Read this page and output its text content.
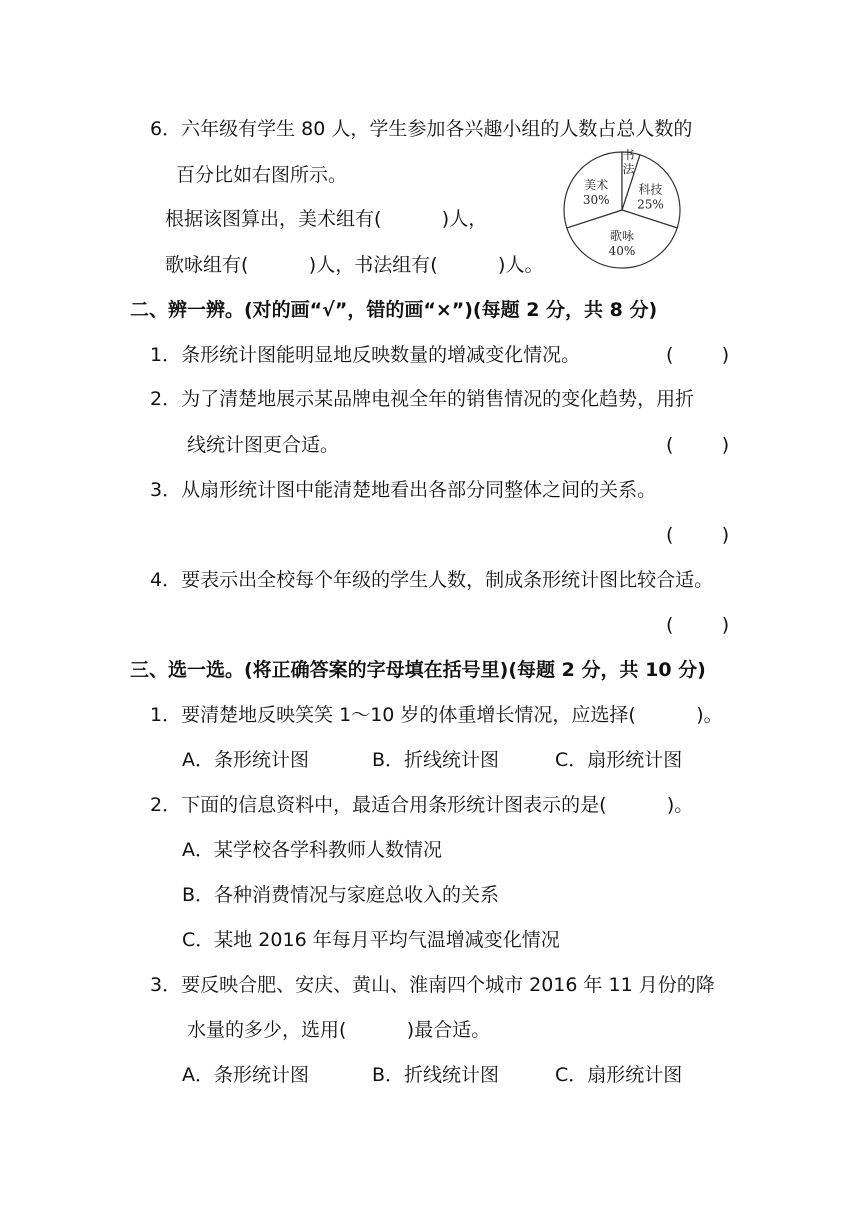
6．六年级有学生 80 人，学生参加各兴趣小组的人数占总人数的
百分比如右图所示。
根据该图算出，美术组有(          )人，
歌咏组有(          )人，书法组有(          )人。
科技
25%
歌咏
40%
美术
30%
书法
二、辨一辨。(对的画“√”，错的画“×”)(每题 2 分，共 8 分)
1．条形统计图能明显地反映数量的增减变化情况。	(        )
2．为了清楚地展示某品牌电视全年的销售情况的变化趋势，用折
线统计图更合适。	(        )
3．从扇形统计图中能清楚地看出各部分同整体之间的关系。
(        )
4．要表示出全校每个年级的学生人数，制成条形统计图比较合适。
(        )
三、选一选。(将正确答案的字母填在括号里)(每题 2 分，共 10 分)
1．要清楚地反映笑笑 1～10 岁的体重增长情况，应选择(          )。
A．条形统计图	B．折线统计图	C．扇形统计图
2．下面的信息资料中，最适合用条形统计图表示的是(          )。
A．某学校各学科教师人数情况
B．各种消费情况与家庭总收入的关系
C．某地 2016 年每月平均气温增减变化情况
3．要反映合肥、安庆、黄山、淮南四个城市 2016 年 11 月份的降
水量的多少，选用(          )最合适。
A．条形统计图	B．折线统计图	C．扇形统计图
